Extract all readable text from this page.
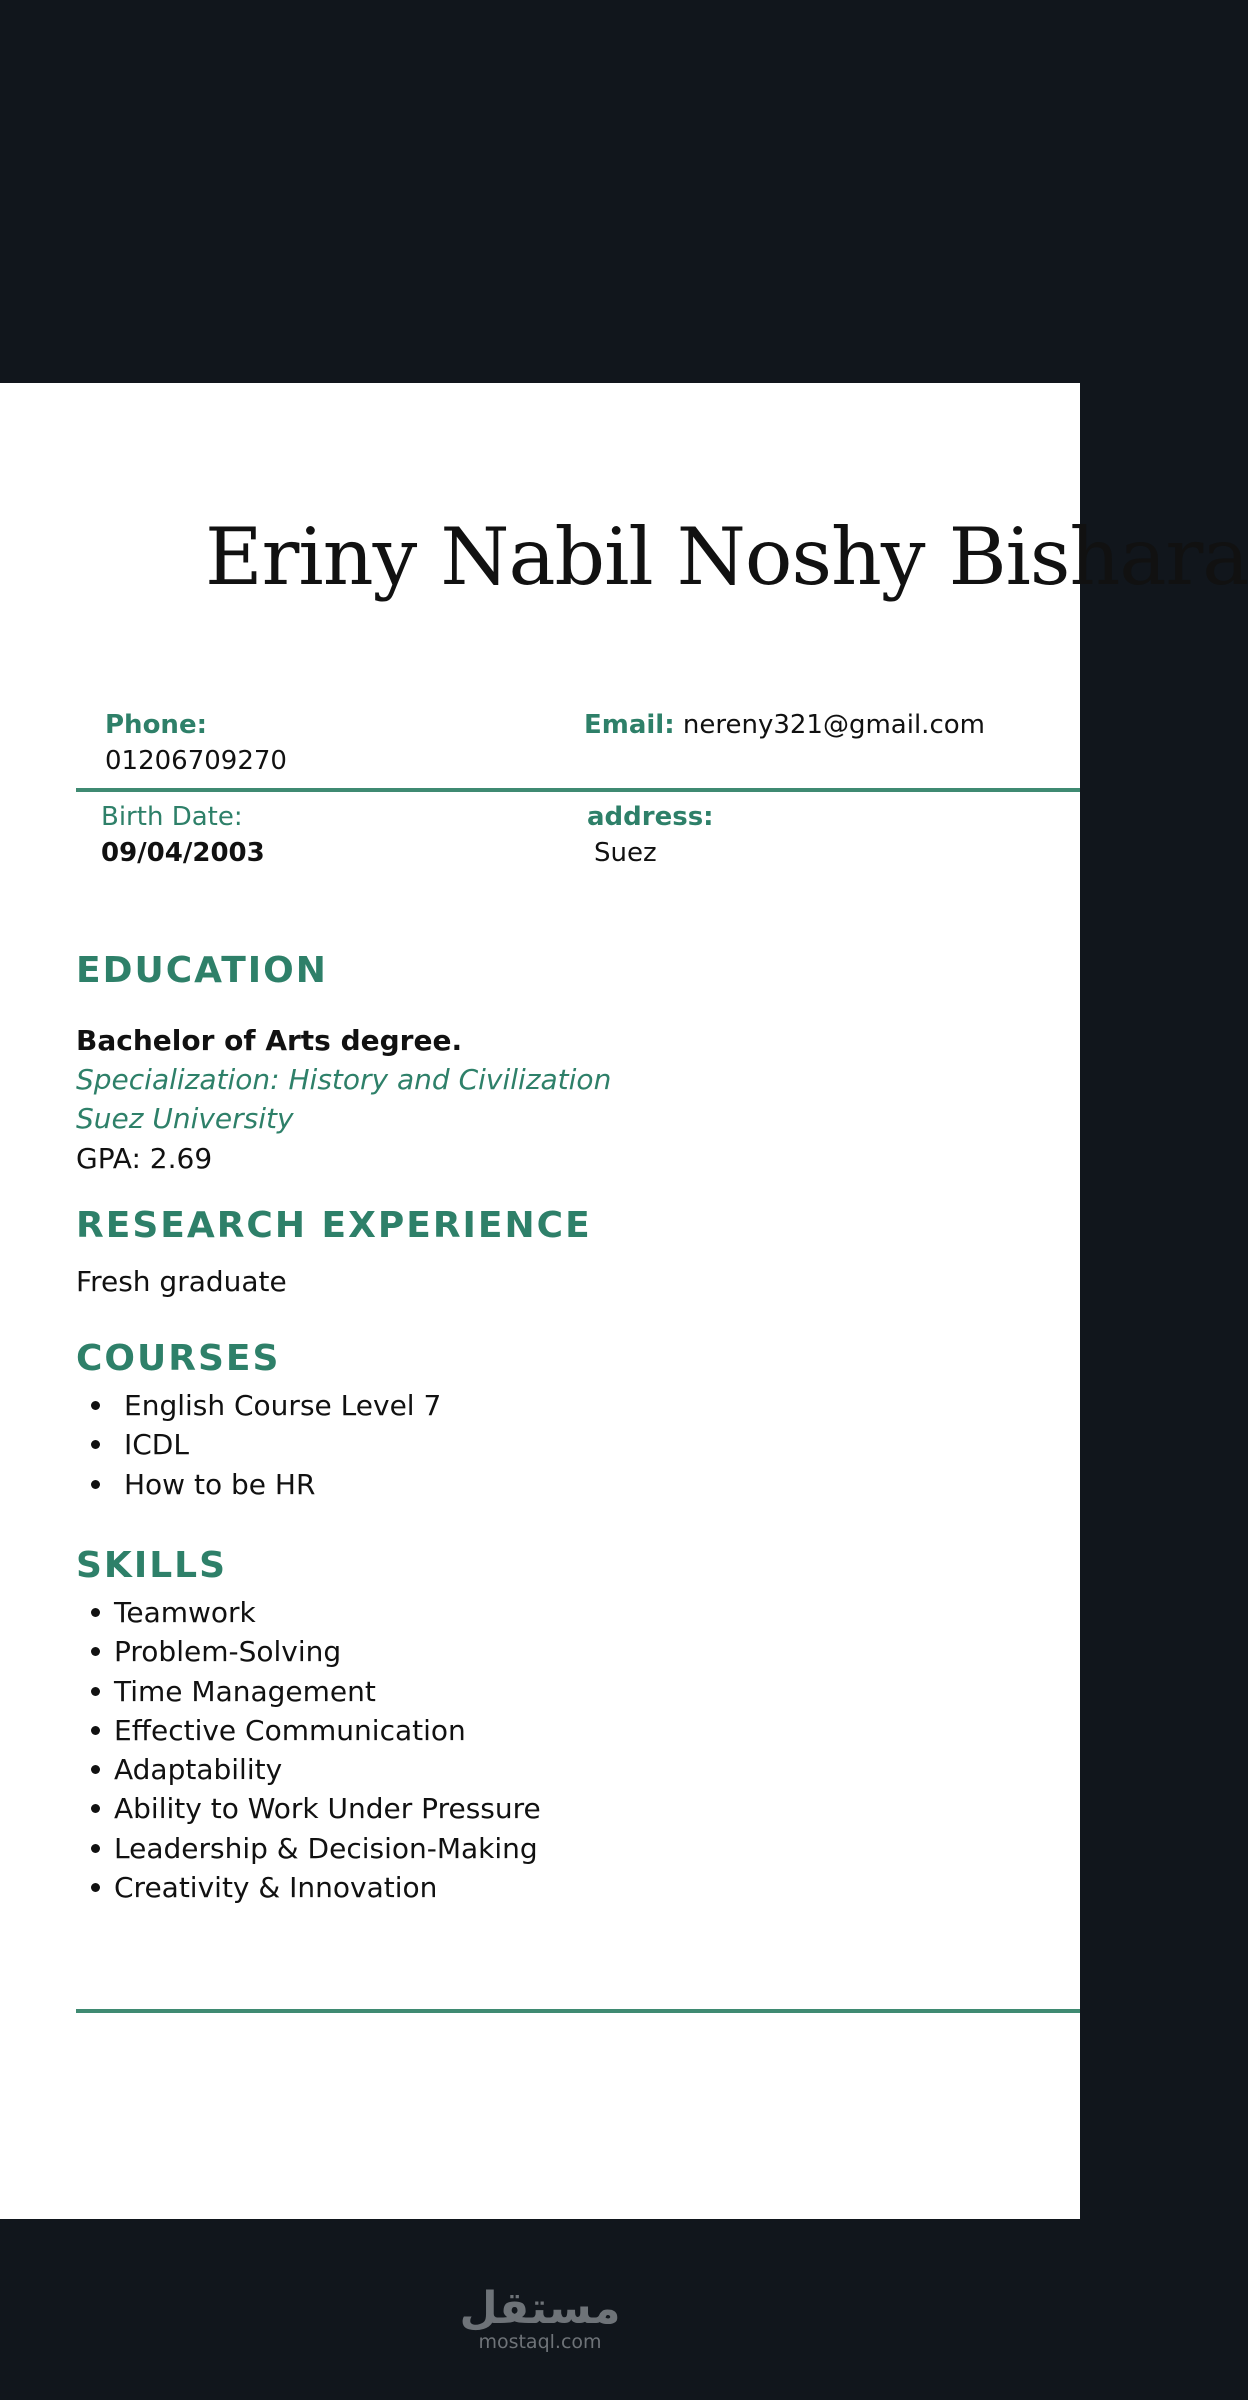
Eriny Nabil Noshy Bishara
Phone:
01206709270
Email: nereny321@gmail.com
Birth Date:
09/04/2003
address:
Suez
EDUCATION
Bachelor of Arts degree.
Specialization: History and Civilization
Suez University
GPA: 2.69
RESEARCH EXPERIENCE
Fresh graduate
COURSES
SKILLS
English Course Level 7
ICDL
How to be HR
Teamwork
Problem-Solving
Time Management
Effective Communication
Adaptability
Ability to Work Under Pressure
Leadership & Decision-Making
Creativity & Innovation
مستقل
mostaql.com
